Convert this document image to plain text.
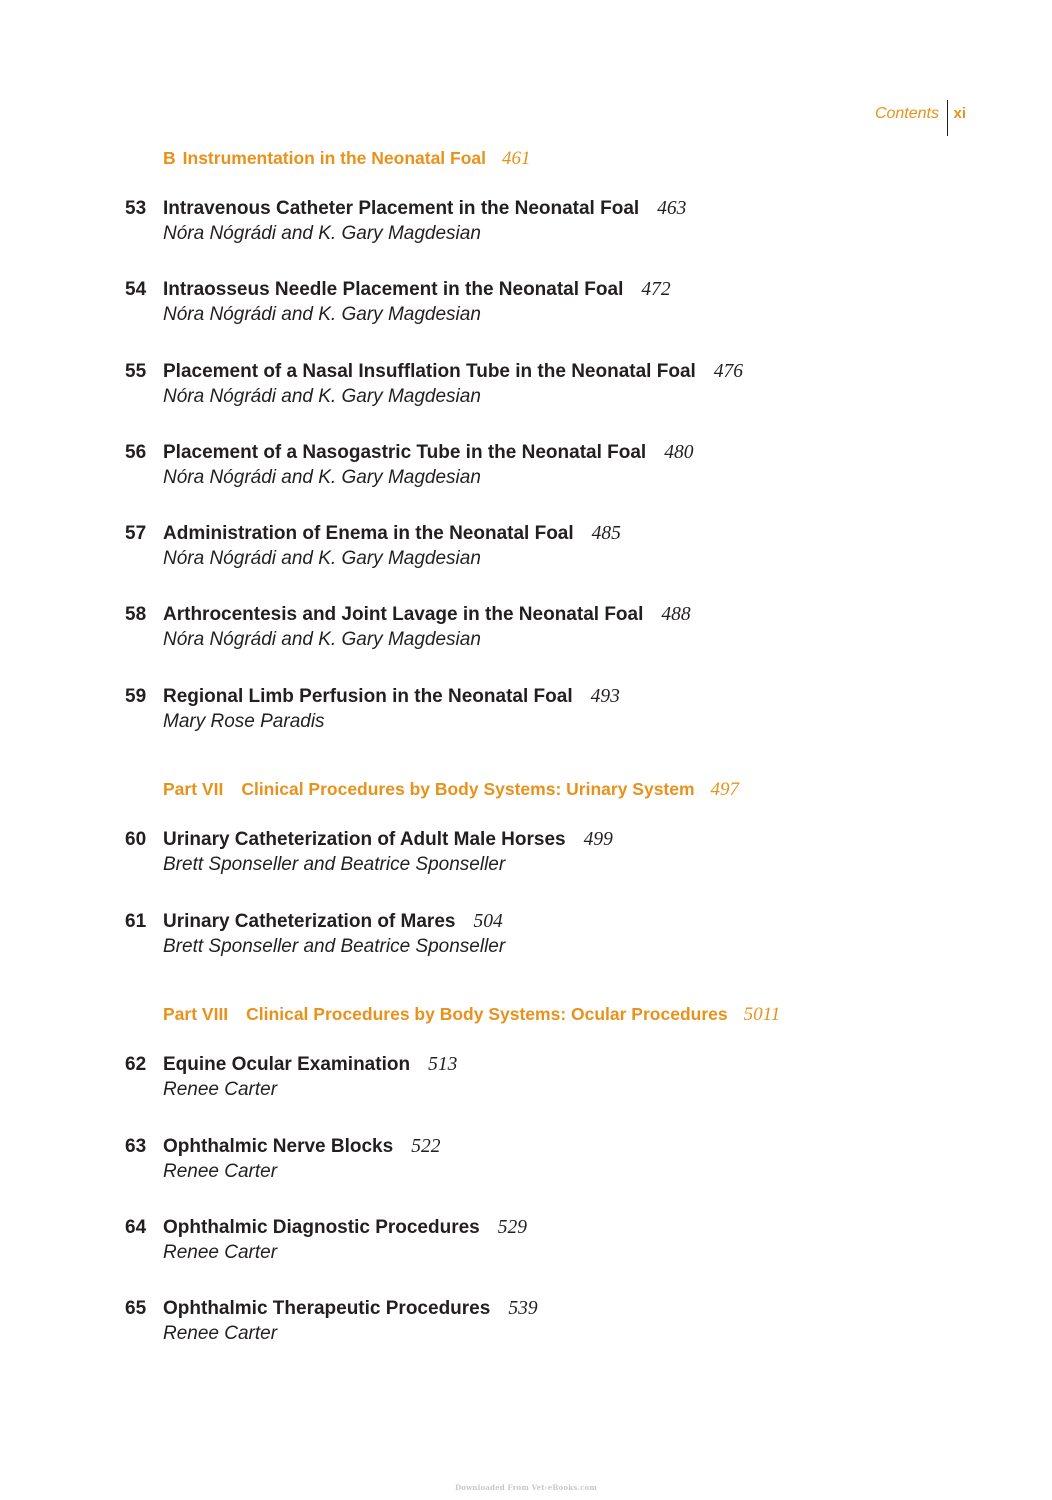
Contents xi
B Instrumentation in the Neonatal Foal 461
53 Intravenous Catheter Placement in the Neonatal Foal 463
Nóra Nógrádi and K. Gary Magdesian
54 Intraosseus Needle Placement in the Neonatal Foal 472
Nóra Nógrádi and K. Gary Magdesian
55 Placement of a Nasal Insufflation Tube in the Neonatal Foal 476
Nóra Nógrádi and K. Gary Magdesian
56 Placement of a Nasogastric Tube in the Neonatal Foal 480
Nóra Nógrádi and K. Gary Magdesian
57 Administration of Enema in the Neonatal Foal 485
Nóra Nógrádi and K. Gary Magdesian
58 Arthrocentesis and Joint Lavage in the Neonatal Foal 488
Nóra Nógrádi and K. Gary Magdesian
59 Regional Limb Perfusion in the Neonatal Foal 493
Mary Rose Paradis
Part VII Clinical Procedures by Body Systems: Urinary System 497
60 Urinary Catheterization of Adult Male Horses 499
Brett Sponseller and Beatrice Sponseller
61 Urinary Catheterization of Mares 504
Brett Sponseller and Beatrice Sponseller
Part VIII Clinical Procedures by Body Systems: Ocular Procedures 5011
62 Equine Ocular Examination 513
Renee Carter
63 Ophthalmic Nerve Blocks 522
Renee Carter
64 Ophthalmic Diagnostic Procedures 529
Renee Carter
65 Ophthalmic Therapeutic Procedures 539
Renee Carter
Downloaded From Vet-eBooks.com
